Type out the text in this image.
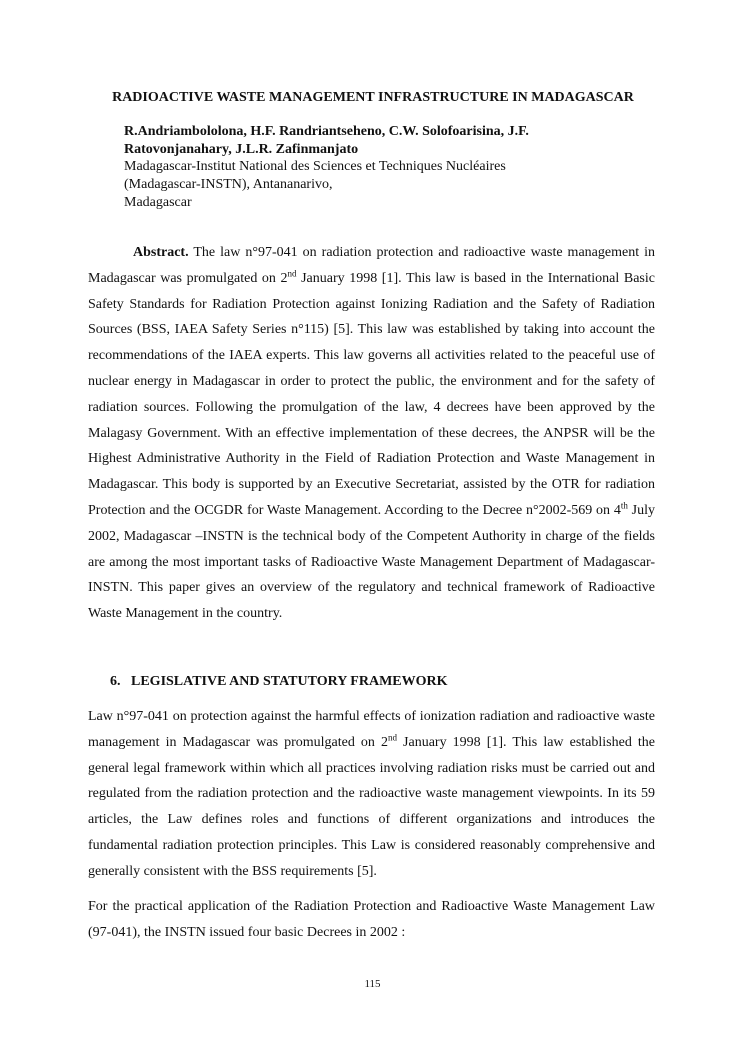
RADIOACTIVE WASTE MANAGEMENT INFRASTRUCTURE IN MADAGASCAR
R.Andriambololona, H.F. Randriantseheno, C.W. Solofoarisina, J.F.
Ratovonjanahary, J.L.R. Zafinmanjato
Madagascar-Institut National des Sciences et Techniques Nucléaires
(Madagascar-INSTN), Antananarivo,
Madagascar

Abstract. The law n°97-041 on radiation protection and radioactive waste management in Madagascar was promulgated on 2nd January 1998 [1]. This law is based in the International Basic Safety Standards for Radiation Protection against Ionizing Radiation and the Safety of Radiation Sources (BSS, IAEA Safety Series n°115) [5]. This law was established by taking into account the recommendations of the IAEA experts. This law governs all activities related to the peaceful use of nuclear energy in Madagascar in order to protect the public, the environment and for the safety of radiation sources. Following the promulgation of the law, 4 decrees have been approved by the Malagasy Government. With an effective implementation of these decrees, the ANPSR will be the Highest Administrative Authority in the Field of Radiation Protection and Waste Management in Madagascar. This body is supported by an Executive Secretariat, assisted by the OTR for radiation Protection and the OCGDR for Waste Management. According to the Decree n°2002-569 on 4th July 2002, Madagascar –INSTN is the technical body of the Competent Authority in charge of the fields are among the most important tasks of Radioactive Waste Management Department of Madagascar-INSTN. This paper gives an overview of the regulatory and technical framework of Radioactive Waste Management in the country.

6. LEGISLATIVE AND STATUTORY FRAMEWORK

Law n°97-041 on protection against the harmful effects of ionization radiation and radioactive waste management in Madagascar was promulgated on 2nd January 1998 [1]. This law established the general legal framework within which all practices involving radiation risks must be carried out and regulated from the radiation protection and the radioactive waste management viewpoints. In its 59 articles, the Law defines roles and functions of different organizations and introduces the fundamental radiation protection principles. This Law is considered reasonably comprehensive and generally consistent with the BSS requirements [5].

For the practical application of the Radiation Protection and Radioactive Waste Management Law (97-041), the INSTN issued four basic Decrees in 2002 :

115
